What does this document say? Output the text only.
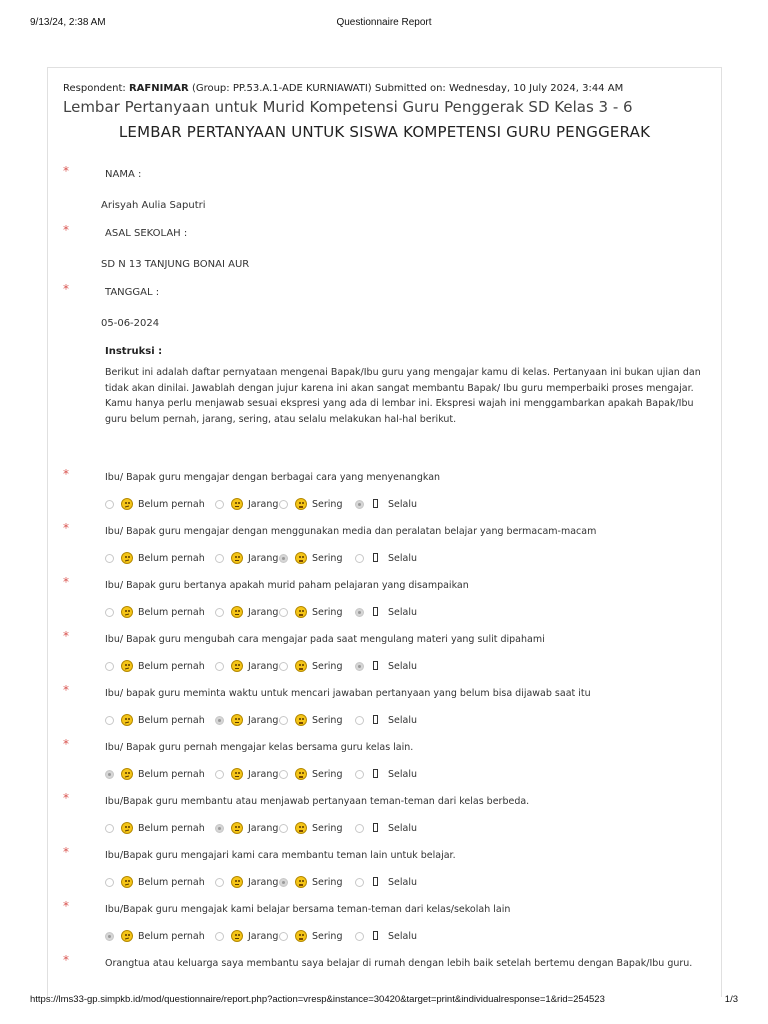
9/13/24, 2:38 AM	Questionnaire Report
Respondent: RAFNIMAR (Group: PP.53.A.1-ADE KURNIAWATI) Submitted on: Wednesday, 10 July 2024, 3:44 AM
Lembar Pertanyaan untuk Murid Kompetensi Guru Penggerak SD Kelas 3 - 6
LEMBAR PERTANYAAN UNTUK SISWA KOMPETENSI GURU PENGGERAK
*	NAMA :
Arisyah Aulia Saputri
*	ASAL SEKOLAH :
SD N 13 TANJUNG BONAI AUR
*	TANGGAL :
05-06-2024
Instruksi :
Berikut ini adalah daftar pernyataan mengenai Bapak/Ibu guru yang mengajar kamu di kelas. Pertanyaan ini bukan ujian dan tidak akan dinilai. Jawablah dengan jujur karena ini akan sangat membantu Bapak/ Ibu guru memperbaiki proses mengajar. Kamu hanya perlu menjawab sesuai ekspresi yang ada di lembar ini. Ekspresi wajah ini menggambarkan apakah Bapak/Ibu guru belum pernah, jarang, sering, atau selalu melakukan hal-hal berikut.
*	Ibu/ Bapak guru mengajar dengan berbagai cara yang menyenangkan
Belum pernah	Jarang	Sering	Selalu
*	Ibu/ Bapak guru mengajar dengan menggunakan media dan peralatan belajar yang bermacam-macam
Belum pernah	Jarang	Sering	Selalu
*	Ibu/ Bapak guru bertanya apakah murid paham pelajaran yang disampaikan
Belum pernah	Jarang	Sering	Selalu
*	Ibu/ Bapak guru mengubah cara mengajar pada saat mengulang materi yang sulit dipahami
Belum pernah	Jarang	Sering	Selalu
*	Ibu/ bapak guru meminta waktu untuk mencari jawaban pertanyaan yang belum bisa dijawab saat itu
Belum pernah	Jarang	Sering	Selalu
*	Ibu/ Bapak guru pernah mengajar kelas bersama guru kelas lain.
Belum pernah	Jarang	Sering	Selalu
*	Ibu/Bapak guru membantu atau menjawab pertanyaan teman-teman dari kelas berbeda.
Belum pernah	Jarang	Sering	Selalu
*	Ibu/Bapak guru mengajari kami cara membantu teman lain untuk belajar.
Belum pernah	Jarang	Sering	Selalu
*	Ibu/Bapak guru mengajak kami belajar bersama teman-teman dari kelas/sekolah lain
Belum pernah	Jarang	Sering	Selalu
*	Orangtua atau keluarga saya membantu saya belajar di rumah dengan lebih baik setelah bertemu dengan Bapak/Ibu guru.
https://lms33-gp.simpkb.id/mod/questionnaire/report.php?action=vresp&instance=30420&target=print&individualresponse=1&rid=254523	1/3
